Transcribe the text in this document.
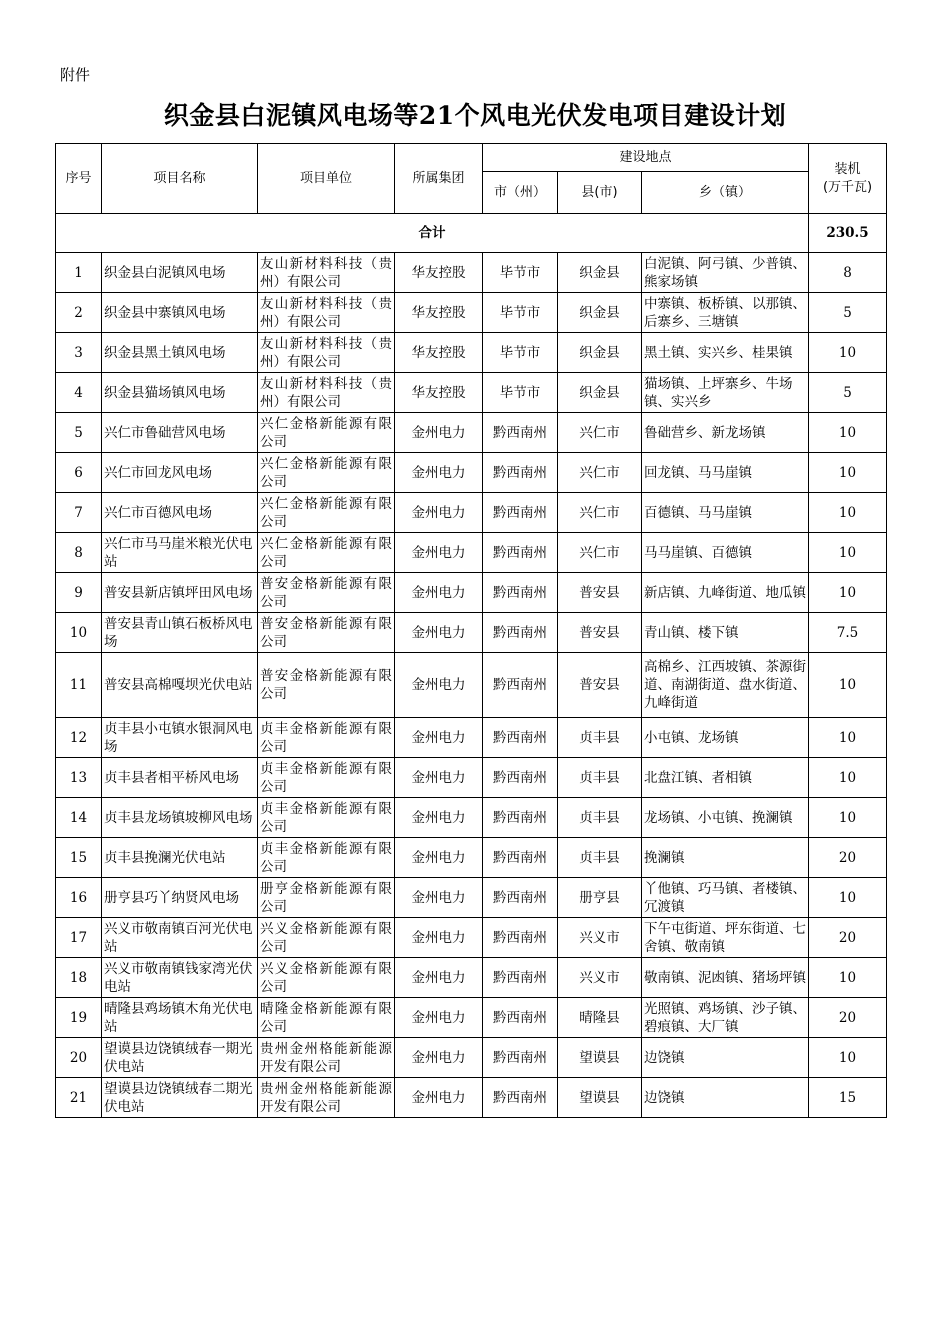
附件
织金县白泥镇风电场等21个风电光伏发电项目建设计划
序号	项目名称	项目单位	所属集团	建设地点			装机
(万千瓦)
				市（州）	县(市)	乡（镇）	
合计							230.5
1	织金县白泥镇风电场	友山新材料科技（贵州）有限公司	华友控股	毕节市	织金县	白泥镇、阿弓镇、少普镇、熊家场镇	8
2	织金县中寨镇风电场	友山新材料科技（贵州）有限公司	华友控股	毕节市	织金县	中寨镇、板桥镇、以那镇、后寨乡、三塘镇	5
3	织金县黑土镇风电场	友山新材料科技（贵州）有限公司	华友控股	毕节市	织金县	黑土镇、实兴乡、桂果镇	10
4	织金县猫场镇风电场	友山新材料科技（贵州）有限公司	华友控股	毕节市	织金县	猫场镇、上坪寨乡、牛场镇、实兴乡	5
5	兴仁市鲁础营风电场	兴仁金格新能源有限公司	金州电力	黔西南州	兴仁市	鲁础营乡、新龙场镇	10
6	兴仁市回龙风电场	兴仁金格新能源有限公司	金州电力	黔西南州	兴仁市	回龙镇、马马崖镇	10
7	兴仁市百德风电场	兴仁金格新能源有限公司	金州电力	黔西南州	兴仁市	百德镇、马马崖镇	10
8	兴仁市马马崖米粮光伏电站	兴仁金格新能源有限公司	金州电力	黔西南州	兴仁市	马马崖镇、百德镇	10
9	普安县新店镇坪田风电场	普安金格新能源有限公司	金州电力	黔西南州	普安县	新店镇、九峰街道、地瓜镇	10
10	普安县青山镇石板桥风电场	普安金格新能源有限公司	金州电力	黔西南州	普安县	青山镇、楼下镇	7.5
11	普安县高棉嘎坝光伏电站	普安金格新能源有限公司	金州电力	黔西南州	普安县	高棉乡、江西坡镇、茶源街道、南湖街道、盘水街道、九峰街道	10
12	贞丰县小屯镇水银洞风电场	贞丰金格新能源有限公司	金州电力	黔西南州	贞丰县	小屯镇、龙场镇	10
13	贞丰县者相平桥风电场	贞丰金格新能源有限公司	金州电力	黔西南州	贞丰县	北盘江镇、者相镇	10
14	贞丰县龙场镇坡柳风电场	贞丰金格新能源有限公司	金州电力	黔西南州	贞丰县	龙场镇、小屯镇、挽澜镇	10
15	贞丰县挽澜光伏电站	贞丰金格新能源有限公司	金州电力	黔西南州	贞丰县	挽澜镇	20
16	册亨县巧丫纳贤风电场	册亨金格新能源有限公司	金州电力	黔西南州	册亨县	丫他镇、巧马镇、者楼镇、冗渡镇	10
17	兴义市敬南镇百河光伏电站	兴义金格新能源有限公司	金州电力	黔西南州	兴义市	下午屯街道、坪东街道、七舍镇、敬南镇	20
18	兴义市敬南镇钱家湾光伏电站	兴义金格新能源有限公司	金州电力	黔西南州	兴义市	敬南镇、泥凼镇、猪场坪镇	10
19	晴隆县鸡场镇木角光伏电站	晴隆金格新能源有限公司	金州电力	黔西南州	晴隆县	光照镇、鸡场镇、沙子镇、碧痕镇、大厂镇	20
20	望谟县边饶镇绒春一期光伏电站	贵州金州格能新能源开发有限公司	金州电力	黔西南州	望谟县	边饶镇	10
21	望谟县边饶镇绒春二期光伏电站	贵州金州格能新能源开发有限公司	金州电力	黔西南州	望谟县	边饶镇	15
